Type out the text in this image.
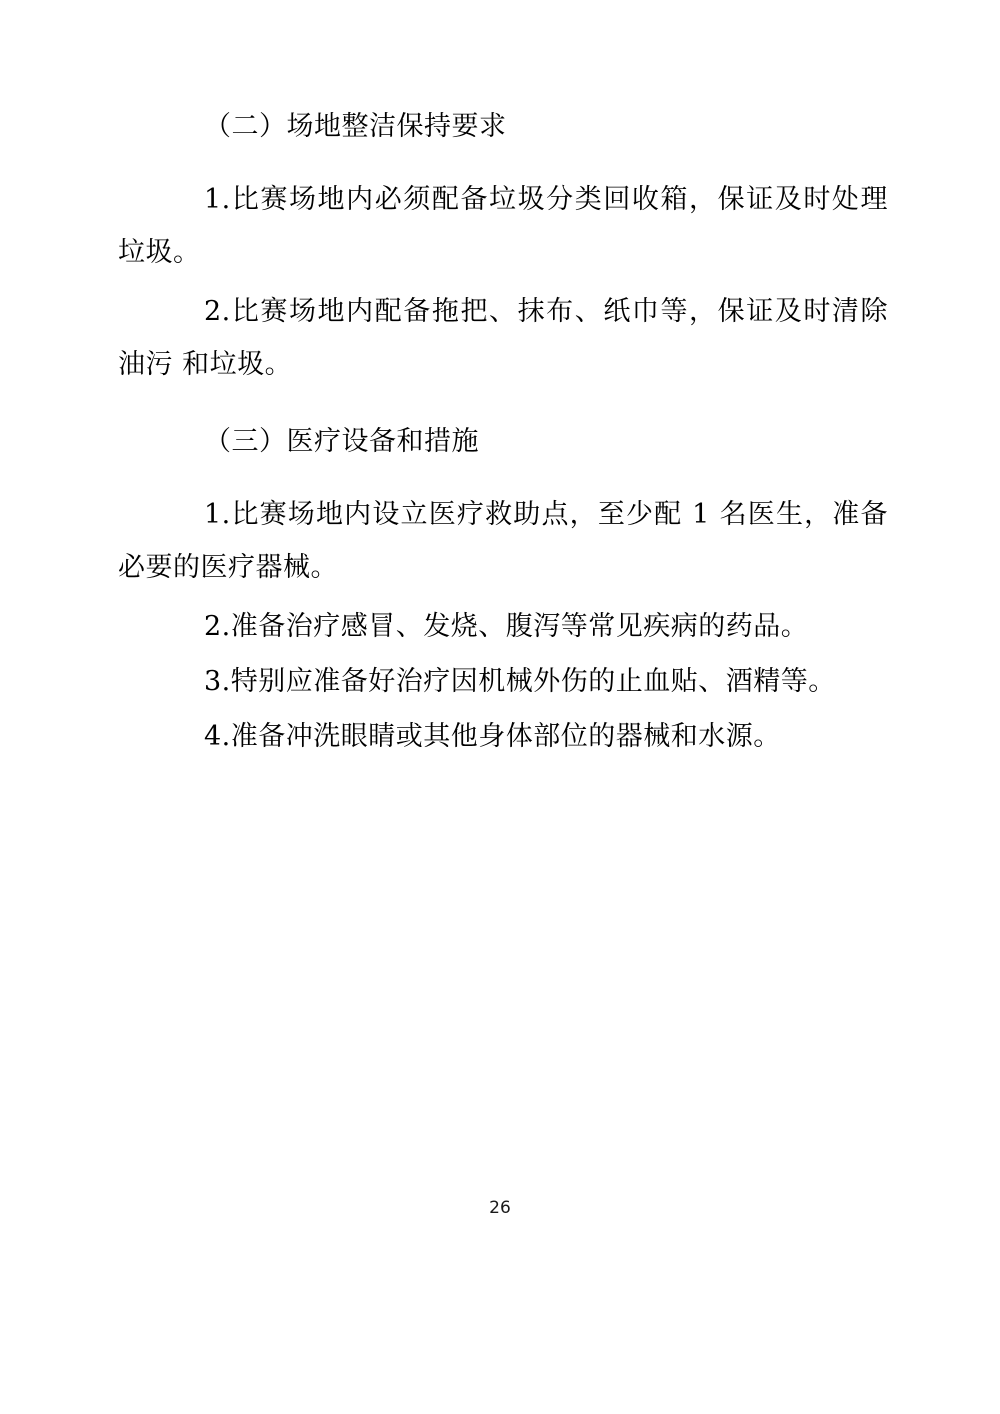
（二）场地整洁保持要求
1.比赛场地内必须配备垃圾分类回收箱，保证及时处理垃圾。
2.比赛场地内配备拖把、抹布、纸巾等，保证及时清除油污 和垃圾。
（三）医疗设备和措施
1.比赛场地内设立医疗救助点，至少配 1 名医生，准备必要的医疗器械。
2.准备治疗感冒、发烧、腹泻等常见疾病的药品。
3.特别应准备好治疗因机械外伤的止血贴、酒精等。
4.准备冲洗眼睛或其他身体部位的器械和水源。
26
